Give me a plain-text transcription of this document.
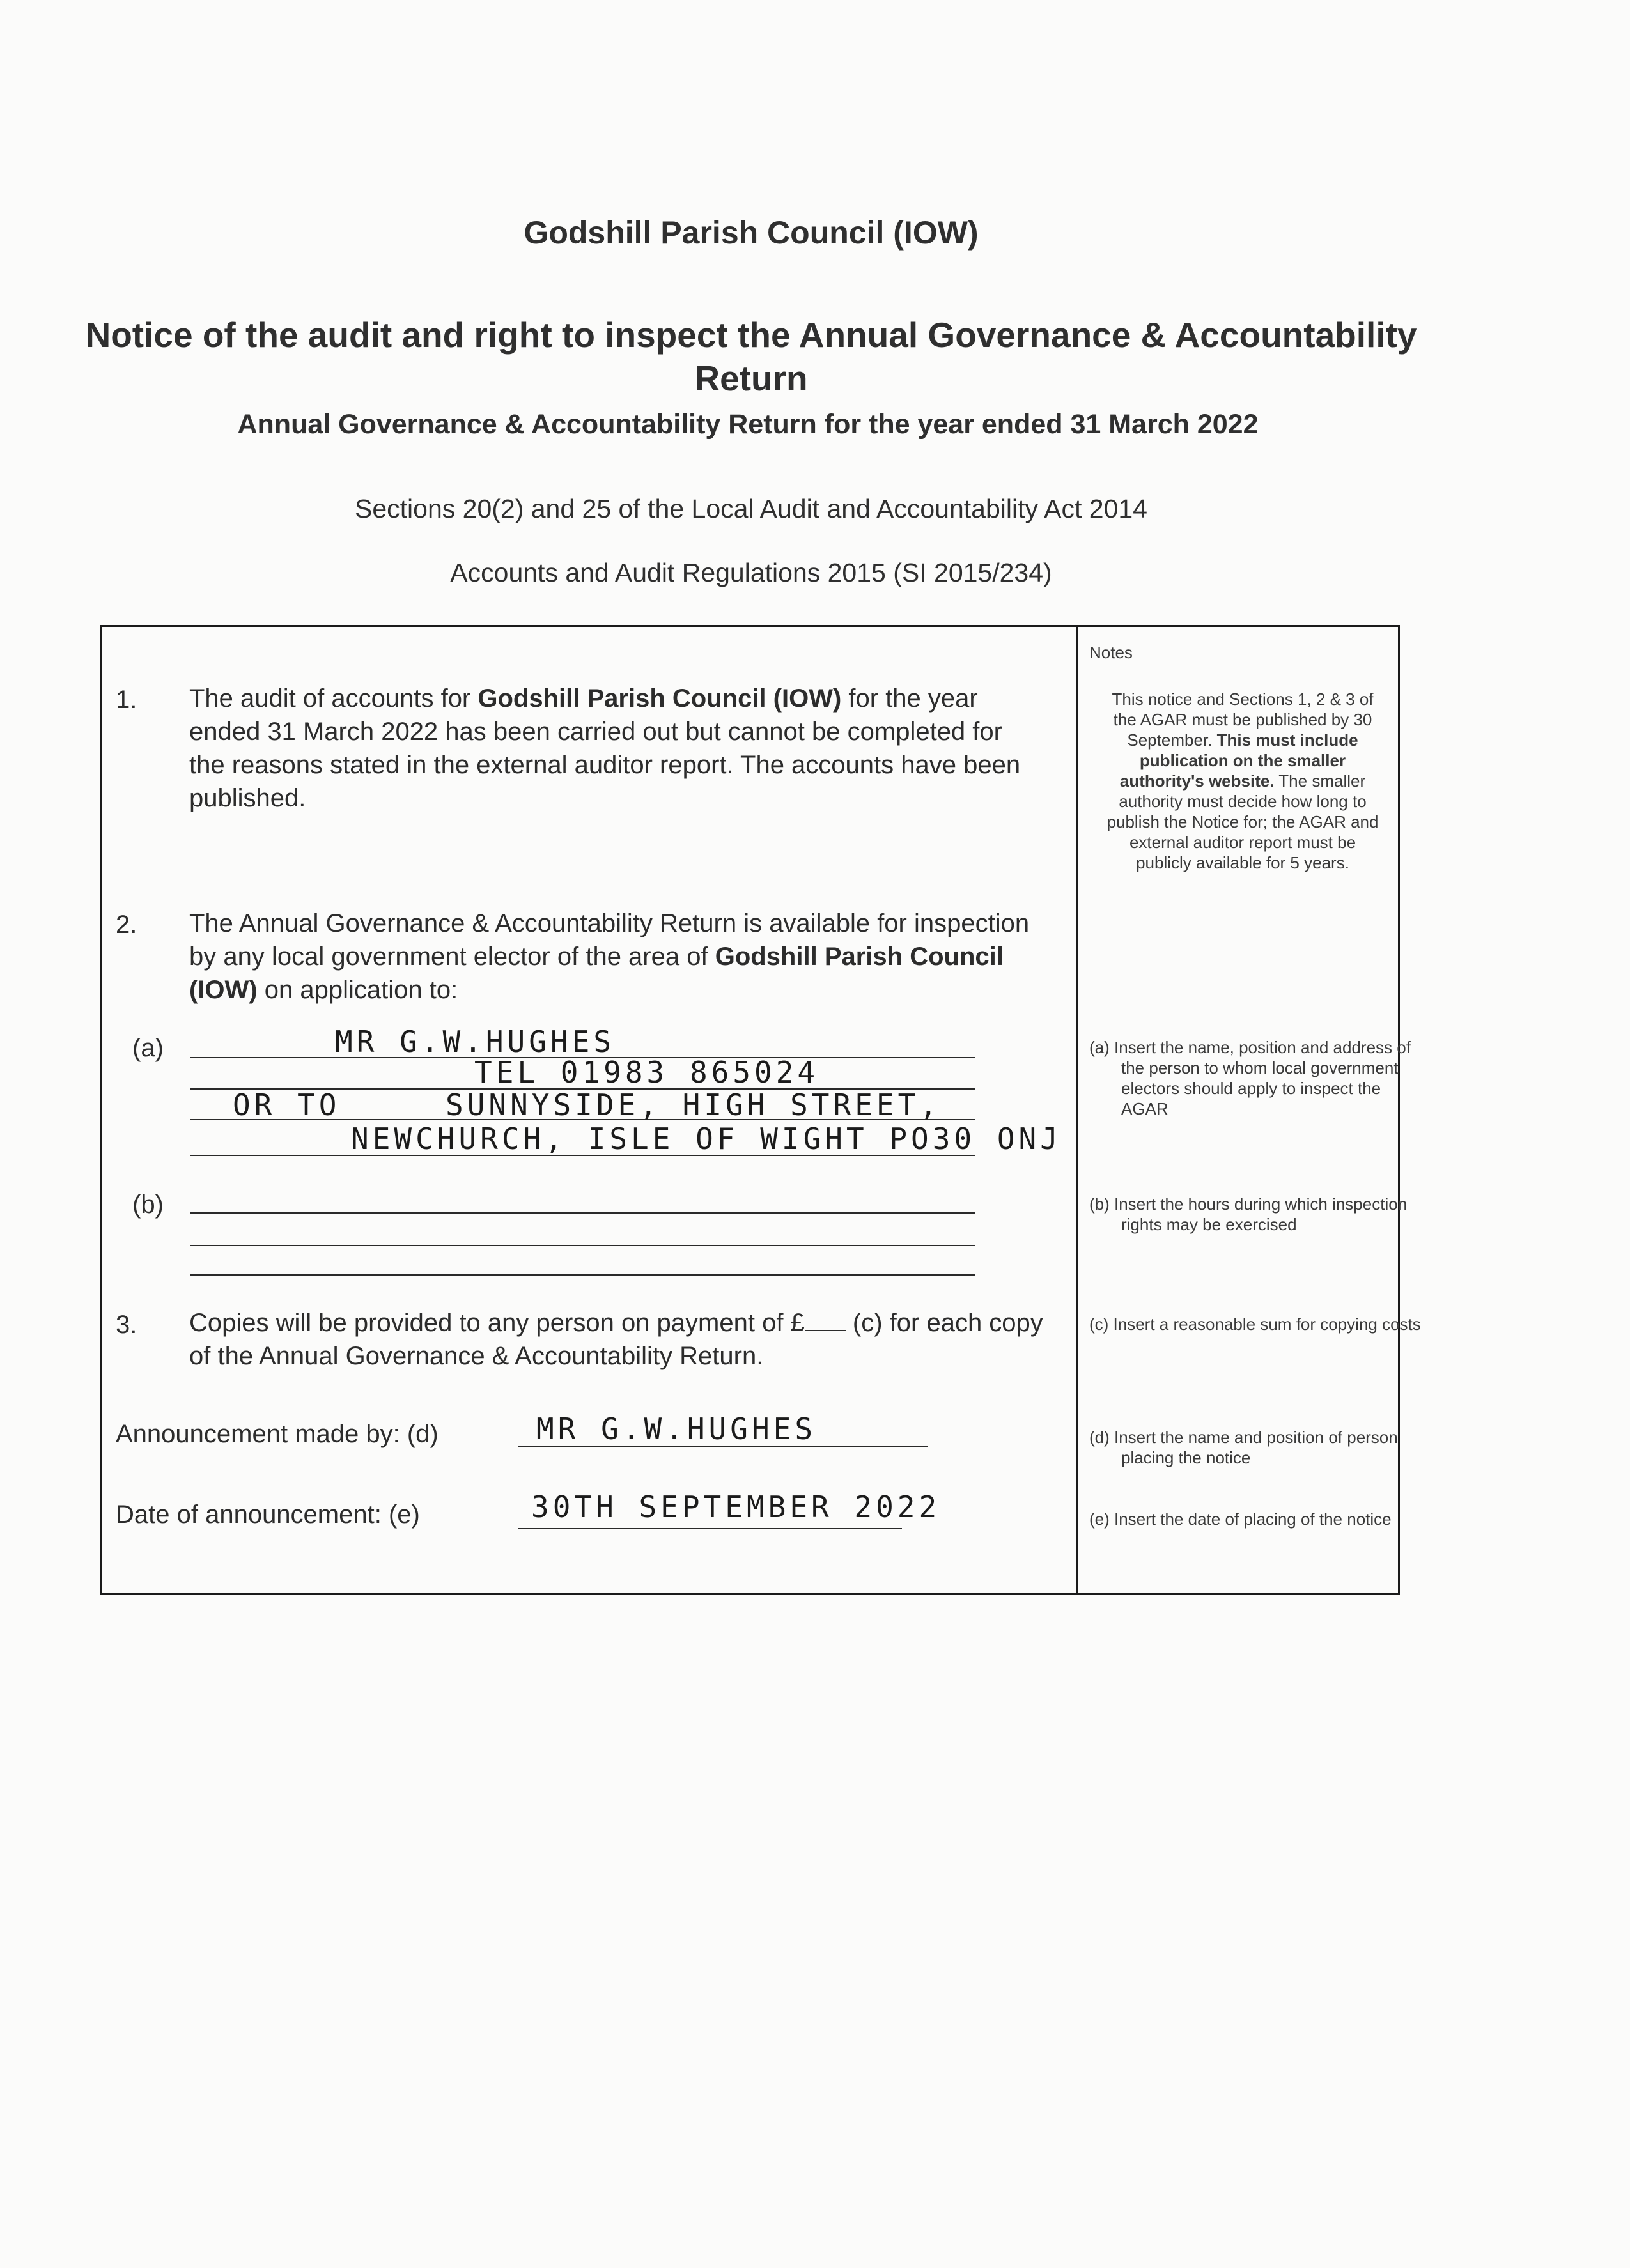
Godshill Parish Council (IOW)
Notice of the audit and right to inspect the Annual Governance & Accountability Return
Annual Governance & Accountability Return for the year ended 31 March 2022
Sections 20(2) and 25 of the Local Audit and Accountability Act 2014
Accounts and Audit Regulations 2015 (SI 2015/234)
1. The audit of accounts for Godshill Parish Council (IOW) for the year ended 31 March 2022 has been carried out but cannot be completed for the reasons stated in the external auditor report. The accounts have been published.
2. The Annual Governance & Accountability Return is available for inspection by any local government elector of the area of Godshill Parish Council (IOW) on application to:
(a)	MR G.W.HUGHES
TEL 01983 865024
OR TO	SUNNYSIDE, HIGH STREET,
NEWCHURCH, ISLE OF WIGHT PO30 ONJ
(b)
3. Copies will be provided to any person on payment of £ (c) for each copy of the Annual Governance & Accountability Return.
Announcement made by: (d)	MR G.W.HUGHES
Date of announcement: (e)	30TH SEPTEMBER 2022
Notes
This notice and Sections 1, 2 & 3 of the AGAR must be published by 30 September. This must include publication on the smaller authority's website. The smaller authority must decide how long to publish the Notice for; the AGAR and external auditor report must be publicly available for 5 years.
(a) Insert the name, position and address of the person to whom local government electors should apply to inspect the AGAR
(b) Insert the hours during which inspection rights may be exercised
(c) Insert a reasonable sum for copying costs
(d) Insert the name and position of person placing the notice
(e) Insert the date of placing of the notice
